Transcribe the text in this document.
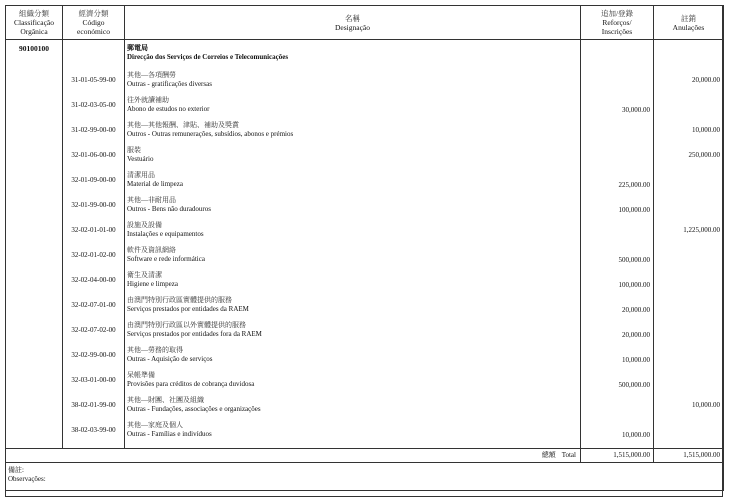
組織分類
Classificação
Orgânica	經濟分類
Código
económico	名稱
Designação	追加/登錄
Reforços/
Inscrições	註銷
Anulações

90100100		郵電局
Direcção dos Serviços de Correios e Telecomunicações		

	31-01-05-99-00	其他—各項酬勞
Outras - gratificações diversas		20,000.00
	31-02-03-05-00	往外就讀補助
Abono de estudos no exterior	30,000.00	
	31-02-99-00-00	其他—其他報酬、津貼、補助及獎賞
Outros - Outras remunerações, subsídios, abonos e prémios		10,000.00
	32-01-06-00-00	服裝
Vestuário		250,000.00
	32-01-09-00-00	清潔用品
Material de limpeza	225,000.00	
	32-01-99-00-00	其他—非耐用品
Outros - Bens não duradouros	100,000.00	
	32-02-01-01-00	設施及設備
Instalações e equipamentos		1,225,000.00
	32-02-01-02-00	軟件及資訊網絡
Software e rede informática	500,000.00	
	32-02-04-00-00	衛生及清潔
Higiene e limpeza	100,000.00	
	32-02-07-01-00	由澳門特別行政區實體提供的服務
Serviços prestados por entidades da RAEM	20,000.00	
	32-02-07-02-00	由澳門特別行政區以外實體提供的服務
Serviços prestados por entidades fora da RAEM	20,000.00	
	32-02-99-00-00	其他—勞務的取得
Outras - Aquisição de serviços	10,000.00	
	32-03-01-00-00	呆帳準備
Provisões para créditos de cobrança duvidosa	500,000.00	
	38-02-01-99-00	其他—財團、社團及組織
Outras - Fundações, associações e organizações		10,000.00
	38-02-03-99-00	其他—家庭及個人
Outras - Famílias e indivíduos	10,000.00	

總額 Total			1,515,000.00	1,515,000.00

備註:
Observações:				
